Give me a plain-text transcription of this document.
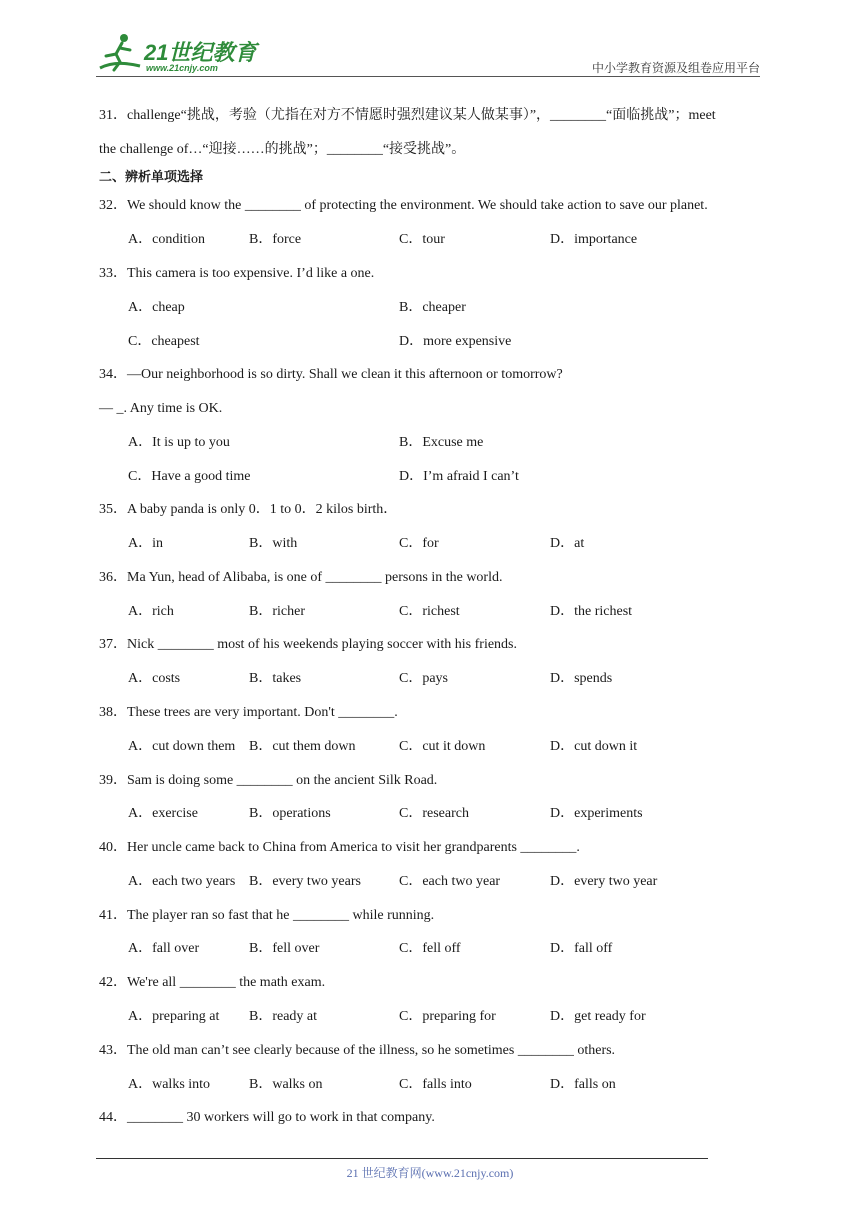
21世纪教育
www.21cnjy.com	中小学教育资源及组卷应用平台
31．challenge“挑战，考验（尤指在对方不情愿时强烈建议某人做某事）”，________“面临挑战”；meet
the challenge of…“迎接……的挑战”；________“接受挑战”。
二、辨析单项选择
32．We should know the ________ of protecting the environment. We should take action to save our planet.
A．condition	B．force	C．tour	D．importance
33．This camera is too expensive. I’d like a one.
A．cheap	B．cheaper
C．cheapest	D．more expensive
34．—Our neighborhood is so dirty. Shall we clean it this afternoon or tomorrow?
— _. Any time is OK.
A．It is up to you	B．Excuse me
C．Have a good time	D．I’m afraid I can’t
35．A baby panda is only 0．1 to 0．2 kilos birth．
A．in	B．with	C．for	D．at
36．Ma Yun, head of Alibaba, is one of ________ persons in the world.
A．rich	B．richer	C．richest	D．the richest
37．Nick ________ most of his weekends playing soccer with his friends.
A．costs	B．takes	C．pays	D．spends
38．These trees are very important. Don't ________.
A．cut down them B．cut them down	C．cut it down	D．cut down it
39．Sam is doing some ________ on the ancient Silk Road.
A．exercise	B．operations	C．research	D．experiments
40．Her uncle came back to China from America to visit her grandparents ________.
A．each two years B．every two years	C．each two year	D．every two year
41．The player ran so fast that he ________ while running.
A．fall over	B．fell over	C．fell off	D．fall off
42．We're all ________ the math exam.
A．preparing at B．ready at	C．preparing for	D．get ready for
43．The old man can’t see clearly because of the illness, so he sometimes ________ others.
A．walks into	B．walks on	C．falls into	D．falls on
44．________ 30 workers will go to work in that company.
21 世纪教育网(www.21cnjy.com)
